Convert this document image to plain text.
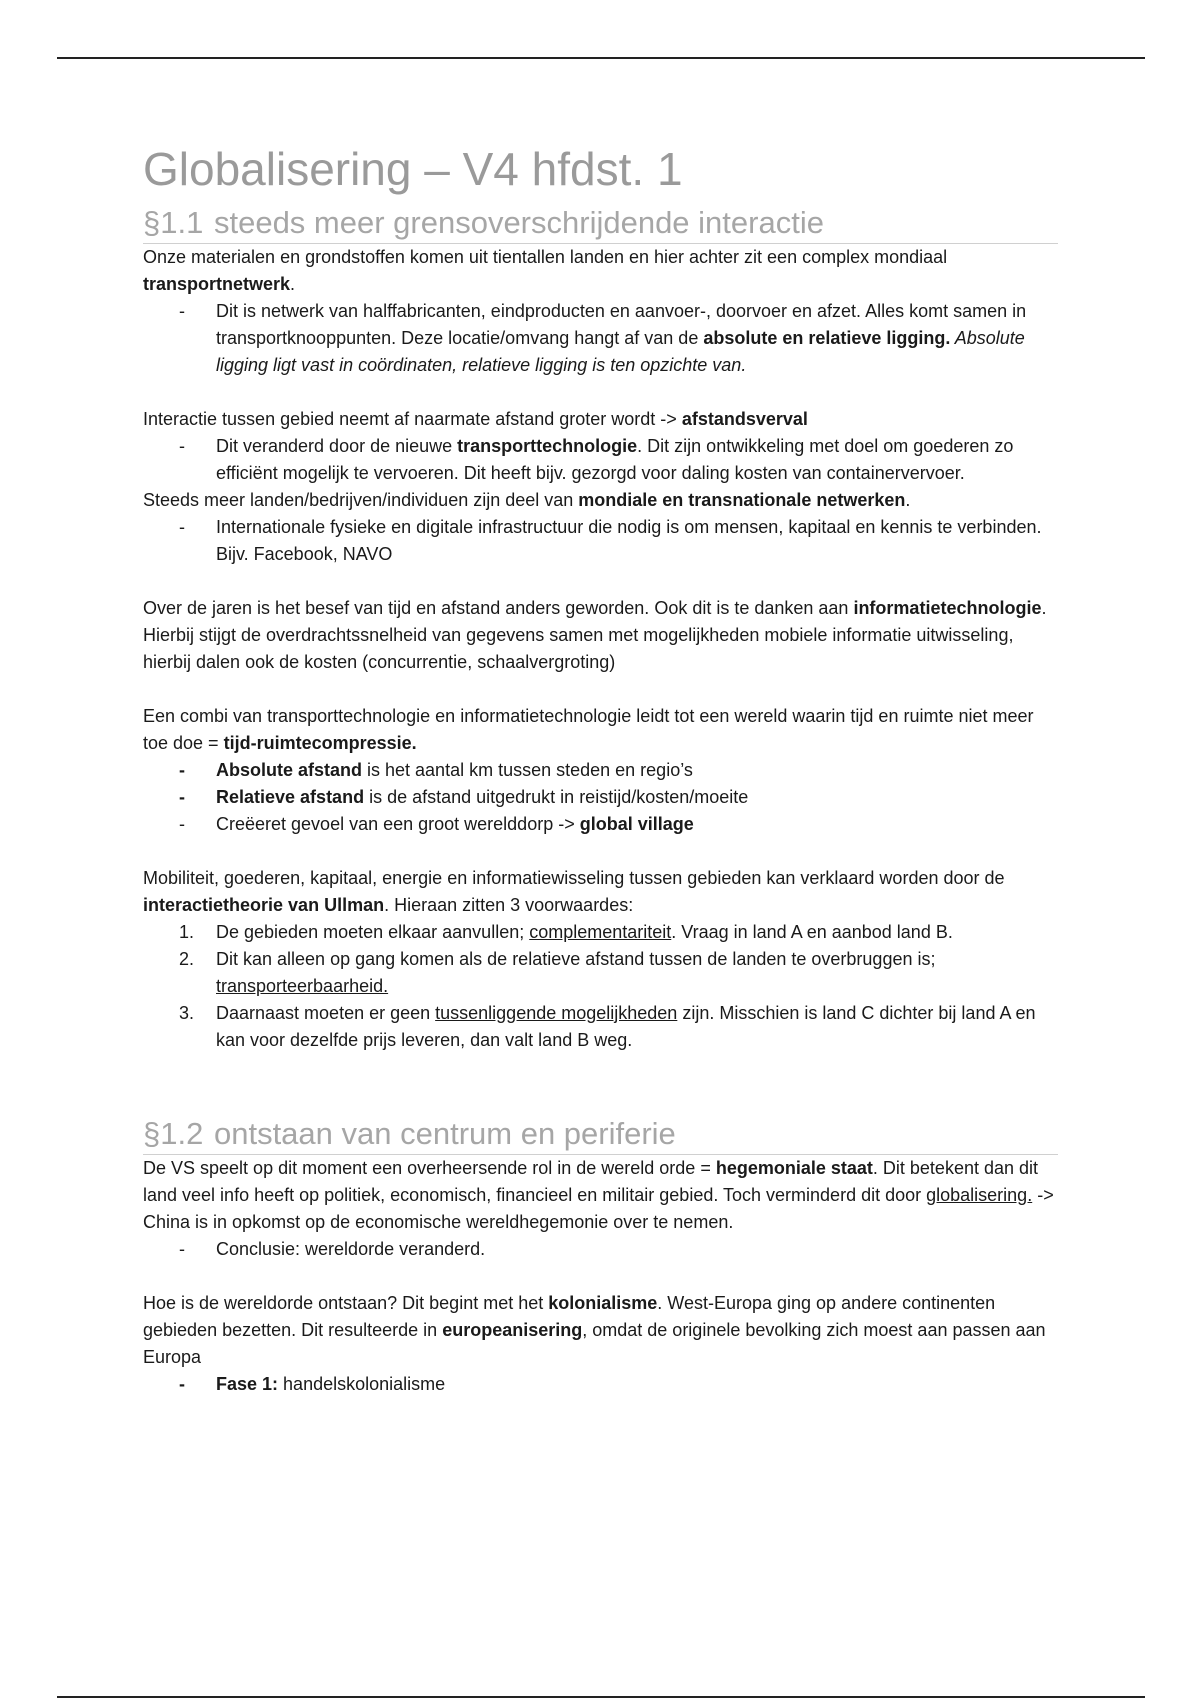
Globalisering – V4 hfdst. 1
§1.1 steeds meer grensoverschrijdende interactie

Onze materialen en grondstoffen komen uit tientallen landen en hier achter zit een complex mondiaal transportnetwerk.

-	Dit is netwerk van halffabricanten, eindproducten en aanvoer-, doorvoer en afzet. Alles komt samen in transportknooppunten. Deze locatie/omvang hangt af van de absolute en relatieve ligging. Absolute ligging ligt vast in coördinaten, relatieve ligging is ten opzichte van.

Interactie tussen gebied neemt af naarmate afstand groter wordt -> afstandsverval

-	Dit veranderd door de nieuwe transporttechnologie. Dit zijn ontwikkeling met doel om goederen zo efficiënt mogelijk te vervoeren. Dit heeft bijv. gezorgd voor daling kosten van containervervoer.

Steeds meer landen/bedrijven/individuen zijn deel van mondiale en transnationale netwerken.

-	Internationale fysieke en digitale infrastructuur die nodig is om mensen, kapitaal en kennis te verbinden. Bijv. Facebook, NAVO

Over de jaren is het besef van tijd en afstand anders geworden. Ook dit is te danken aan informatietechnologie. Hierbij stijgt de overdrachtssnelheid van gegevens samen met mogelijkheden mobiele informatie uitwisseling, hierbij dalen ook de kosten (concurrentie, schaalvergroting)

Een combi van transporttechnologie en informatietechnologie leidt tot een wereld waarin tijd en ruimte niet meer toe doe = tijd-ruimtecompressie.

-	Absolute afstand is het aantal km tussen steden en regio’s

-	Relatieve afstand is de afstand uitgedrukt in reistijd/kosten/moeite

-	Creëeret gevoel van een groot werelddorp -> global village

Mobiliteit, goederen, kapitaal, energie en informatiewisseling tussen gebieden kan verklaard worden door de interactietheorie van Ullman. Hieraan zitten 3 voorwaardes:

1.	De gebieden moeten elkaar aanvullen; complementariteit. Vraag in land A en aanbod land B.

2.	Dit kan alleen op gang komen als de relatieve afstand tussen de landen te overbruggen is; transporteerbaarheid.

3.	Daarnaast moeten er geen tussenliggende mogelijkheden zijn. Misschien is land C dichter bij land A en kan voor dezelfde prijs leveren, dan valt land B weg.

§1.2 ontstaan van centrum en periferie

De VS speelt op dit moment een overheersende rol in de wereld orde = hegemoniale staat. Dit betekent dan dit land veel info heeft op politiek, economisch, financieel en militair gebied. Toch verminderd dit door globalisering. -> China is in opkomst op de economische wereldhegemonie over te nemen.

-	Conclusie: wereldorde veranderd.

Hoe is de wereldorde ontstaan? Dit begint met het kolonialisme. West-Europa ging op andere continenten gebieden bezetten. Dit resulteerde in europeanisering, omdat de originele bevolking zich moest aan passen aan Europa

-	Fase 1: handelskolonialisme
